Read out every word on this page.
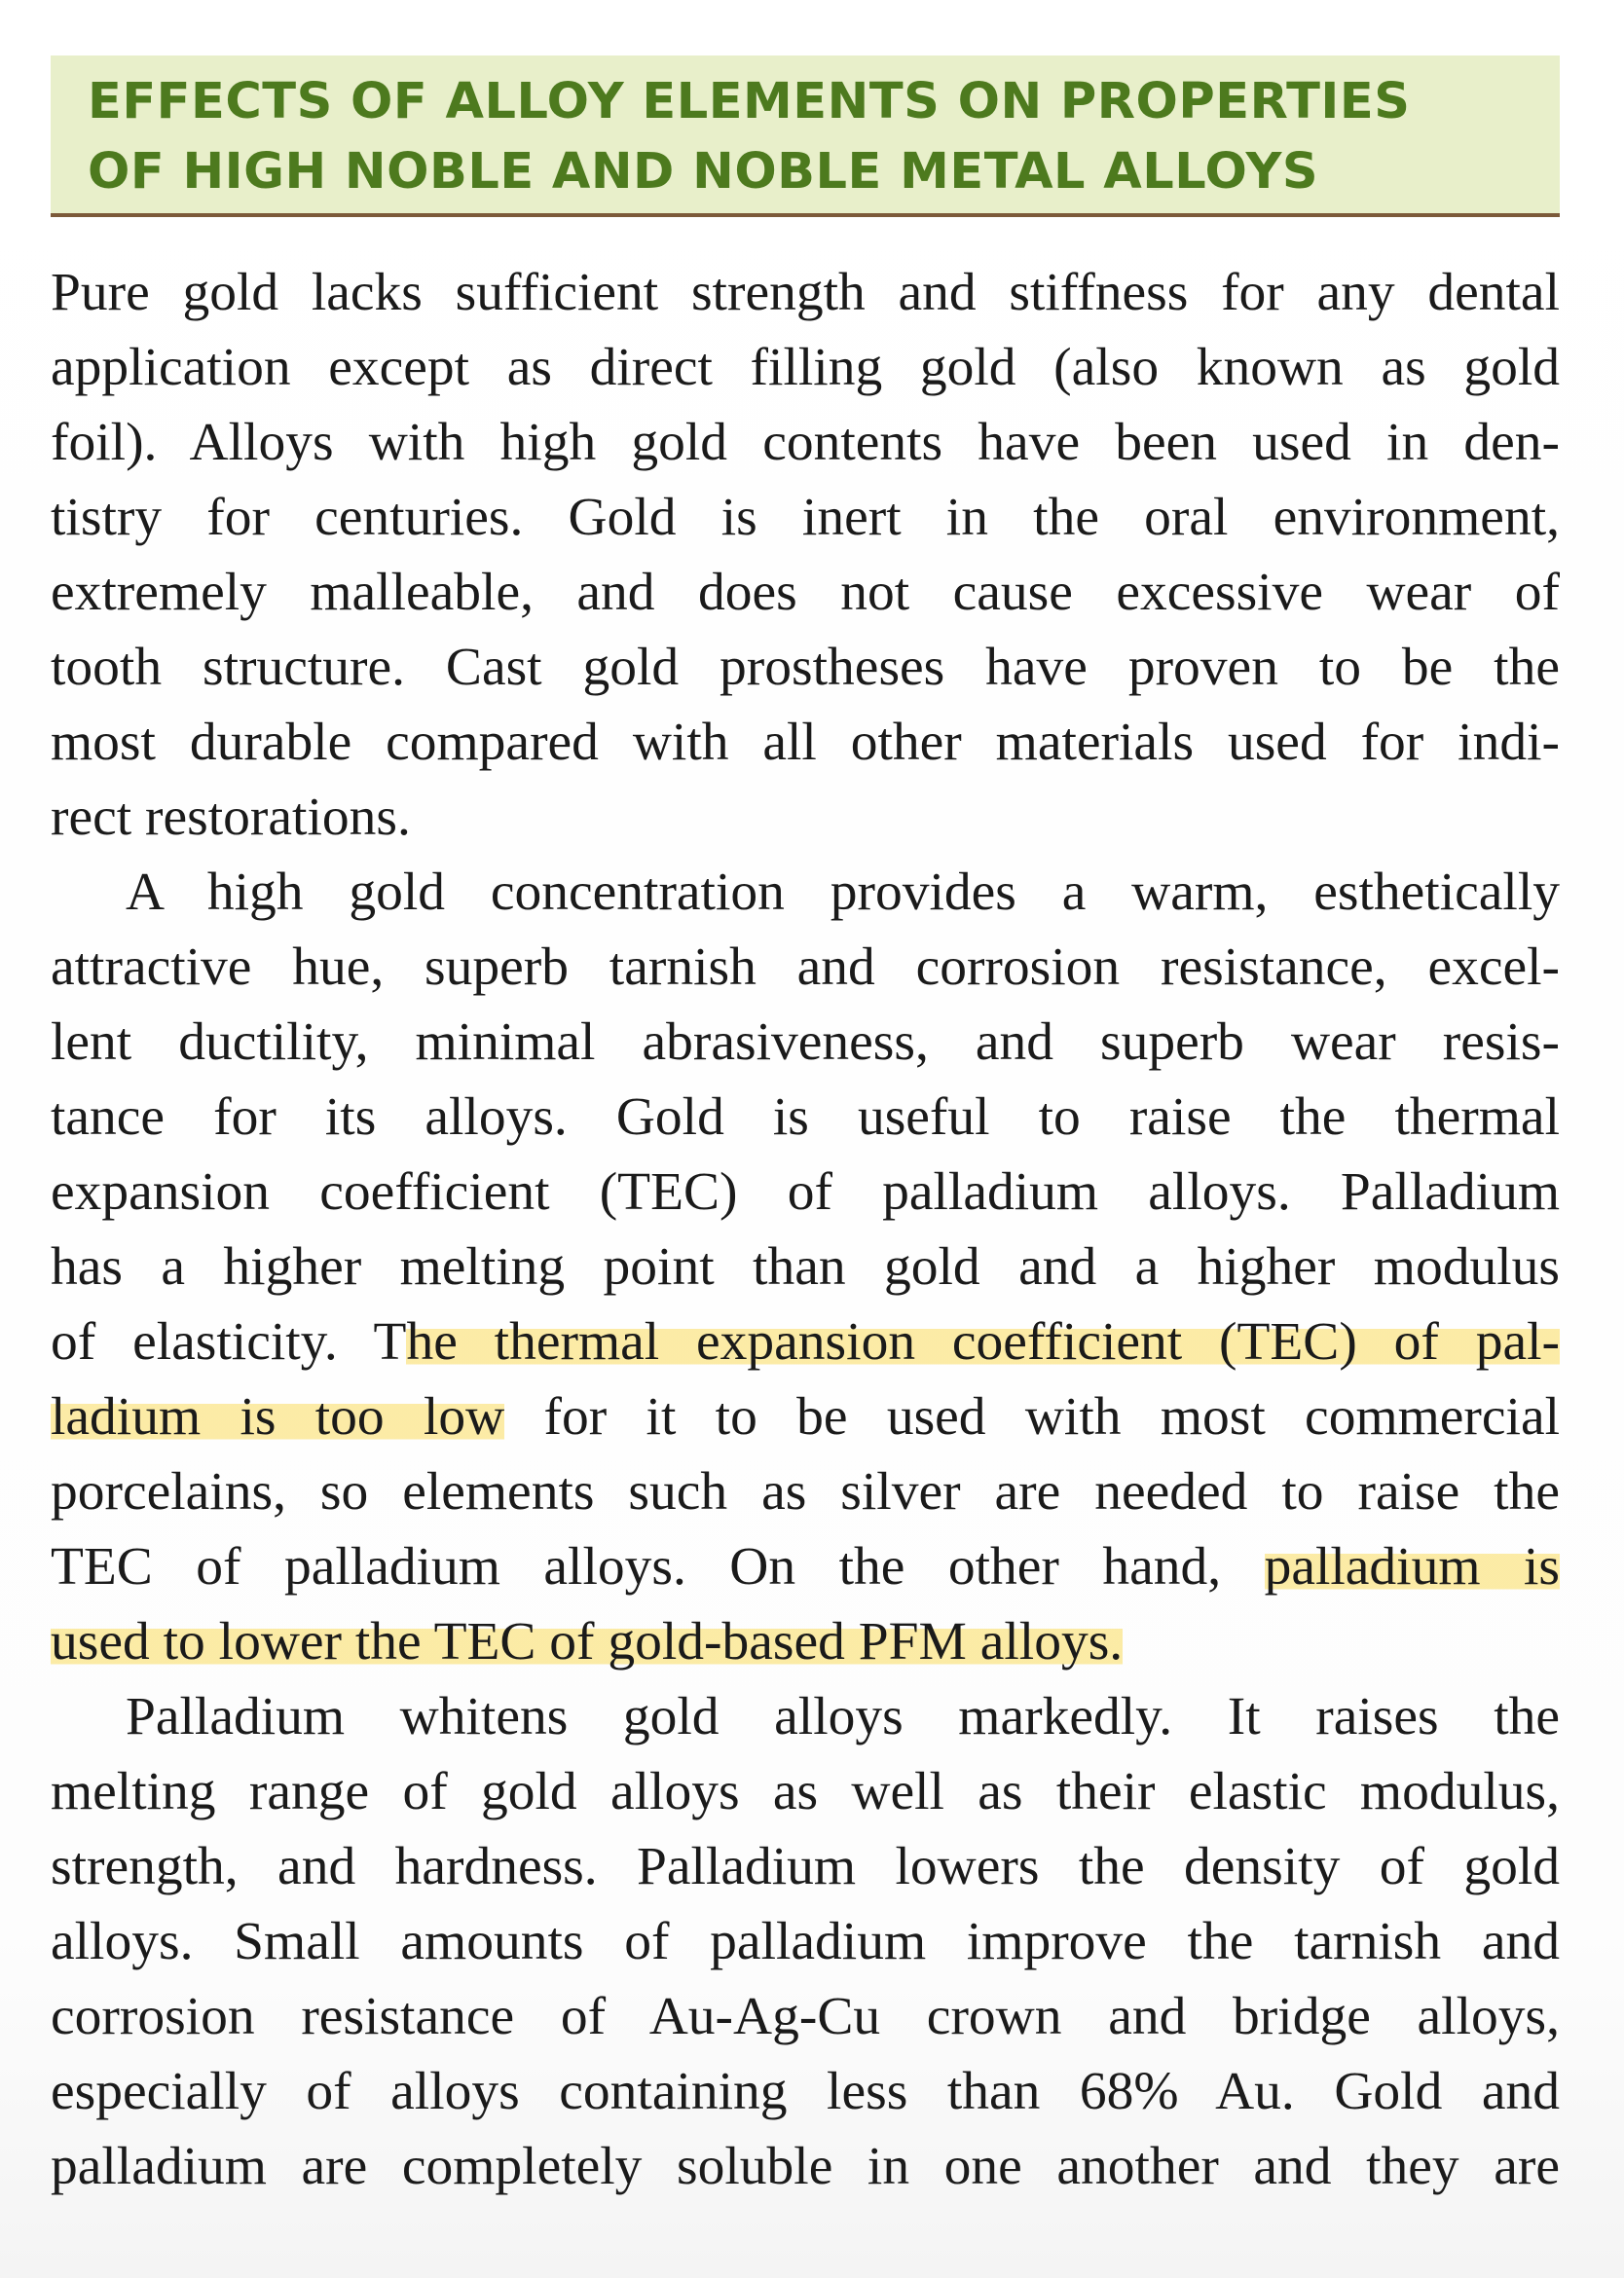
EFFECTS OF ALLOY ELEMENTS ON PROPERTIES
OF HIGH NOBLE AND NOBLE METAL ALLOYS
Pure gold lacks sufficient strength and stiffness for any dental
application except as direct filling gold (also known as gold
foil). Alloys with high gold contents have been used in den-
tistry for centuries. Gold is inert in the oral environment,
extremely malleable, and does not cause excessive wear of
tooth structure. Cast gold prostheses have proven to be the
most durable compared with all other materials used for indi-
rect restorations.
A high gold concentration provides a warm, esthetically
attractive hue, superb tarnish and corrosion resistance, excel-
lent ductility, minimal abrasiveness, and superb wear resis-
tance for its alloys. Gold is useful to raise the thermal
expansion coefficient (TEC) of palladium alloys. Palladium
has a higher melting point than gold and a higher modulus
of elasticity. The thermal expansion coefficient (TEC) of pal-
ladium is too low for it to be used with most commercial
porcelains, so elements such as silver are needed to raise the
TEC of palladium alloys. On the other hand, palladium is
used to lower the TEC of gold-based PFM alloys.
Palladium whitens gold alloys markedly. It raises the
melting range of gold alloys as well as their elastic modulus,
strength, and hardness. Palladium lowers the density of gold
alloys. Small amounts of palladium improve the tarnish and
corrosion resistance of Au-Ag-Cu crown and bridge alloys,
especially of alloys containing less than 68% Au. Gold and
palladium are completely soluble in one another and they are
